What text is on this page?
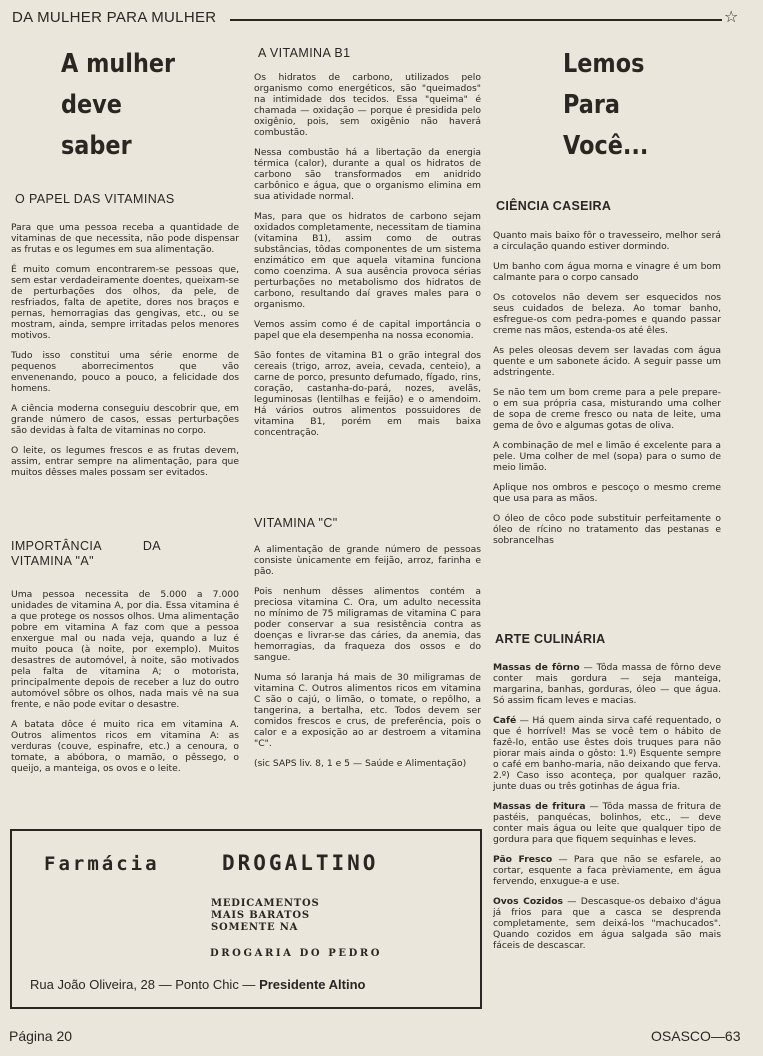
DA MULHER PARA MULHER	☆
A mulher
deve
saber
O PAPEL DAS VITAMINAS

Para que uma pessoa receba a quantidade de vitaminas de que necessita, não pode dispensar as frutas e os legumes em sua alimentação.

É muito comum encontrarem-se pessoas que, sem estar verdadeiramente doentes, queixam-se de perturbações dos olhos, da pele, de resfriados, falta de apetite, dores nos braços e pernas, hemorragias das gengivas, etc., ou se mostram, ainda, sempre irritadas pelos menores motivos.

Tudo isso constitui uma série enorme de pequenos aborrecimentos que vão envenenando, pouco a pouco, a felicidade dos homens.

A ciência moderna conseguiu descobrir que, em grande número de casos, essas perturbações são devidas à falta de vitaminas no corpo.

O leite, os legumes frescos e as frutas devem, assim, entrar sempre na alimentação, para que muitos dêsses males possam ser evitados.

IMPORTÂNCIA DA VITAMINA "A"

Uma pessoa necessita de 5.000 a 7.000 unidades de vitamina A, por dia. Essa vitamina é a que protege os nossos olhos. Uma alimentação pobre em vitamina A faz com que a pessoa enxergue mal ou nada veja, quando a luz é muito pouca (à noite, por exemplo). Muitos desastres de automóvel, à noite, são motivados pela falta de vitamina A; o motorista, principalmente depois de receber a luz do outro automóvel sôbre os olhos, nada mais vê na sua frente, e não pode evitar o desastre.

A batata dôce é muito rica em vitamina A. Outros alimentos ricos em vitamina A: as verduras (couve, espinafre, etc.) a cenoura, o tomate, a abóbora, o mamão, o pêssego, o queijo, a manteiga, os ovos e o leite.

A VITAMINA B1

Os hidratos de carbono, utilizados pelo organismo como energéticos, são "queimados" na intimidade dos tecidos. Essa "queima" é chamada — oxidação — porque é presidida pelo oxigênio, pois, sem oxigênio não haverá combustão.

Nessa combustão há a libertação da energia térmica (calor), durante a qual os hidratos de carbono são transformados em anidrido carbônico e água, que o organismo elimina em sua atividade normal.

Mas, para que os hidratos de carbono sejam oxidados completamente, necessitam de tiamina (vitamina B1), assim como de outras substâncias, tôdas componentes de um sistema enzimático em que aquela vitamina funciona como coenzima. A sua ausência provoca sérias perturbações no metabolismo dos hidratos de carbono, resultando daí graves males para o organismo.

Vemos assim como é de capital importância o papel que ela desempenha na nossa economia.

São fontes de vitamina B1 o grão integral dos cereais (trigo, arroz, aveia, cevada, centeio), a carne de porco, presunto defumado, fígado, rins, coração, castanha-do-pará, nozes, avelãs, leguminosas (lentilhas e feijão) e o amendoim. Há vários outros alimentos possuidores de vitamina B1, porém em mais baixa concentração.

VITAMINA "C"

A alimentação de grande número de pessoas consiste ùnicamente em feijão, arroz, farinha e pão.

Pois nenhum dêsses alimentos contém a preciosa vitamina C. Ora, um adulto necessita no mínimo de 75 miligramas de vitamina C para poder conservar a sua resistência contra as doenças e livrar-se das cáries, da anemia, das hemorragias, da fraqueza dos ossos e do sangue.

Numa só laranja há mais de 30 miligramas de vitamina C. Outros alimentos ricos em vitamina C são o cajú, o limão, o tomate, o repôlho, a tangerina, a bertalha, etc. Todos devem ser comidos frescos e crus, de preferência, pois o calor e a exposição ao ar destroem a vitamina "C".

(sic SAPS liv. 8, 1 e 5 — Saúde e Alimentação)

Lemos
Para
Você...
CIÊNCIA CASEIRA

Quanto mais baixo fôr o travesseiro, melhor será a circulação quando estiver dormindo.

Um banho com água morna e vinagre é um bom calmante para o corpo cansado

Os cotovelos não devem ser esquecidos nos seus cuidados de beleza. Ao tomar banho, esfregue-os com pedra-pomes e quando passar creme nas mãos, estenda-os até êles.

As peles oleosas devem ser lavadas com água quente e um sabonete ácido. A seguir passe um adstringente.

Se não tem um bom creme para a pele prepare-o em sua própria casa, misturando uma colher de sopa de creme fresco ou nata de leite, uma gema de ôvo e algumas gotas de oliva.

A combinação de mel e limão é excelente para a pele. Uma colher de mel (sopa) para o sumo de meio limão.

Aplique nos ombros e pescoço o mesmo creme que usa para as mãos.

O óleo de côco pode substituir perfeitamente o óleo de rícino no tratamento das pestanas e sobrancelhas

ARTE CULINÁRIA

Massas de fôrno — Tôda massa de fôrno deve conter mais gordura — seja manteiga, margarina, banhas, gorduras, óleo — que água. Só assim ficam leves e macias.

Café — Há quem ainda sirva café requentado, o que é horrível! Mas se você tem o hábito de fazê-lo, então use êstes dois truques para não piorar mais ainda o gôsto: 1.º) Esquente sempre o café em banho-maria, não deixando que ferva. 2.º) Caso isso aconteça, por qualquer razão, junte duas ou três gotinhas de água fria.

Massas de fritura — Tôda massa de fritura de pastéis, panquécas, bolinhos, etc., — deve conter mais água ou leite que qualquer tipo de gordura para que fiquem sequinhas e leves.

Pão Fresco — Para que não se esfarele, ao cortar, esquente a faca prèviamente, em água fervendo, enxugue-a e use.

Ovos Cozidos — Descasque-os debaixo d'água já frios para que a casca se desprenda completamente, sem deixá-los "machucados". Quando cozidos em água salgada são mais fáceis de descascar.

Farmácia	DROGALTINO
MEDICAMENTOS
MAIS BARATOS
SOMENTE NA
DROGARIA DO PEDRO
Rua João Oliveira, 28 — Ponto Chic — Presidente Altino
Página 20	OSASCO—63
